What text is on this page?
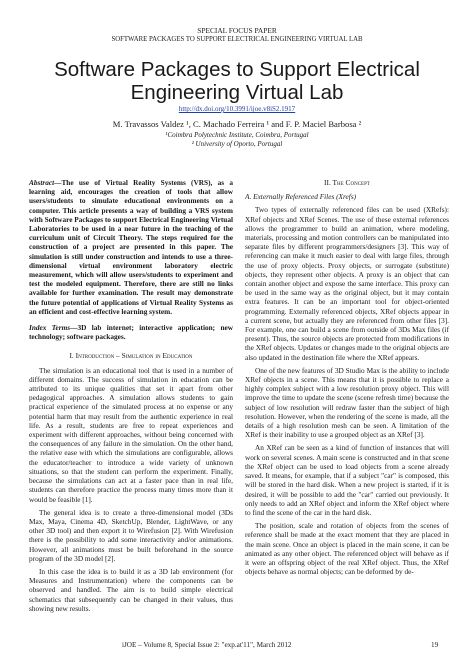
SPECIAL FOCUS PAPER
SOFTWARE PACKAGES TO SUPPORT ELECTRICAL ENGINEERING VIRTUAL LAB
Software Packages to Support Electrical Engineering Virtual Lab
http://dx.doi.org/10.3991/ijoe.v8iS2.1917
M. Travassos Valdez ¹, C. Machado Ferreira ¹ and F. P. Maciel Barbosa ²
¹Coimbra Polytechnic Institute, Coimbra, Portugal
² University of Oporto, Portugal

Abstract—The use of Virtual Reality Systems (VRS), as a learning aid, encourages the creation of tools that allow users/students to simulate educational environments on a computer. This article presents a way of building a VRS system with Software Packages to support Electrical Engineering Virtual Laboratories to be used in a near future in the teaching of the curriculum unit of Circuit Theory. The steps required for the construction of a project are presented in this paper. The simulation is still under construction and intends to use a three-dimensional virtual environment laboratory electric measurement, which will allow users/students to experiment and test the modeled equipment. Therefore, there are still no links available for further examination. The result may demonstrate the future potential of applications of Virtual Reality Systems as an efficient and cost-effective learning system.

Index Terms—3D lab internet; interactive application; new technology; software packages.

I. Introduction – Simulation in Education

The simulation is an educational tool that is used in a number of different domains. The success of simulation in education can be attributed to its unique qualities that set it apart from other pedagogical approaches. A simulation allows students to gain practical experience of the simulated process at no expense or any potential harm that may result from the authentic experience in real life. As a result, students are free to repeat experiences and experiment with different approaches, without being concerned with the consequences of any failure in the simulation. On the other hand, the relative ease with which the simulations are configurable, allows the educator/teacher to introduce a wide variety of unknown situations, so that the student can perform the experiment. Finally, because the simulations can act at a faster pace than in real life, students can therefore practice the process many times more than it would be feasible [1].

The general idea is to create a three-dimensional model (3Ds Max, Maya, Cinema 4D, SketchUp, Blender, LightWave, or any other 3D tool) and then export it to Wirefusion [2]. With Wirefusion there is the possibility to add some interactivity and/or animations. However, all animations must be built beforehand in the source program of the 3D model [2].

In this case the idea is to build it as a 3D lab environment (for Measures and Instrumentation) where the components can be observed and handled. The aim is to build simple electrical schematics that subsequently can be changed in their values, thus showing new results.

II. The Concept
A. Externally Referenced Files (Xrefs)

Two types of externally referenced files can be used (XRefs): XRef objects and XRef Scenes. The use of these external references allows the programmer to build an animation, where modeling, materials, processing and motion controllers can be manipulated into separate files by different programmers/designers [3]. This way of referencing can make it much easier to deal with large files, through the use of proxy objects. Proxy objects, or surrogate (substitute) objects, they represent other objects. A proxy is an object that can contain another object and expose the same interface. This proxy can be used in the same way as the original object, but it may contain extra features. It can be an important tool for object-oriented programming. Externally referenced objects, XRef objects appear in a current scene, but actually they are referenced from other files [3]. For example, one can build a scene from outside of 3Ds Max files (if present). Thus, the source objects are protected from modifications in the XRef objects. Updates or changes made to the original objects are also updated in the destination file where the XRef appears.

One of the new features of 3D Studio Max is the ability to include XRef objects in a scene. This means that it is possible to replace a highly complex subject with a low resolution proxy object. This will improve the time to update the scene (scene refresh time) because the subject of low resolution will redraw faster than the subject of high resolution. However, when the rendering of the scene is made, all the details of a high resolution mesh can be seen. A limitation of the XRef is their inability to use a grouped object as an XRef [3].

An XRef can be seen as a kind of function of instances that will work on several scenes. A main scene is constructed and in that scene the XRef object can be used to load objects from a scene already saved. It means, for example, that if a subject "car" is composed, this will be stored in the hard disk. When a new project is started, if it is desired, it will be possible to add the "car" carried out previously. It only needs to add an XRef object and inform the XRef object where to find the scene of the car in the hard disk.

The position, scale and rotation of objects from the scenes of reference shall be made at the exact moment that they are placed in the main scene. Once an object is placed in the main scene, it can be animated as any other object. The referenced object will behave as if it were an offspring object of the real XRef object. Thus, the XRef objects behave as normal objects; can be deformed by de-

iJOE – Volume 8, Special Issue 2: "exp.at'11", March 2012	19
